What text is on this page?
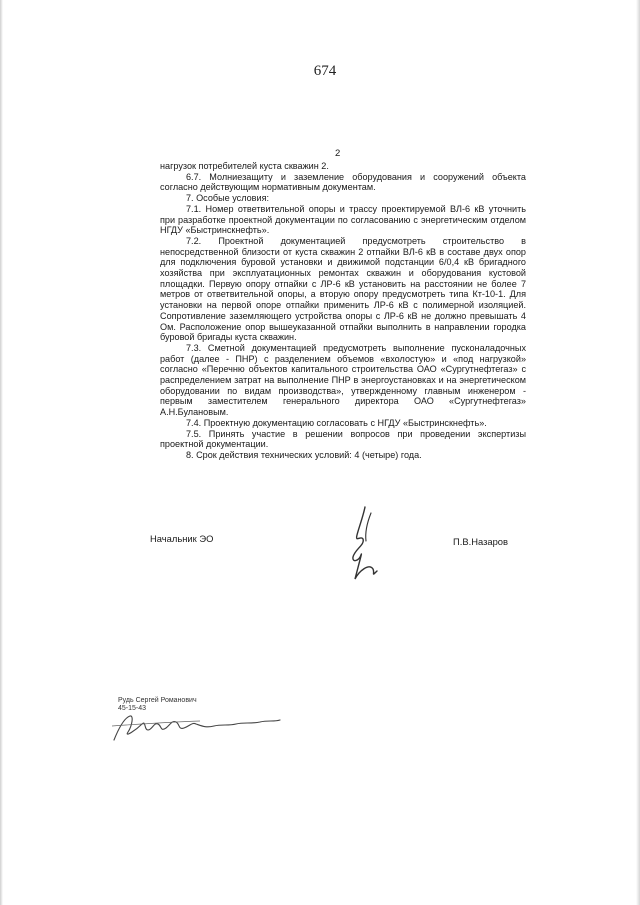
674
2

нагрузок потребителей куста скважин 2.

6.7. Молниезащиту и заземление оборудования и сооружений объекта согласно действующим нормативным документам.

7. Особые условия:

7.1. Номер ответвительной опоры и трассу проектируемой ВЛ-6 кВ уточнить при разработке проектной документации по согласованию с энергетическим отделом НГДУ «Быстринскнефть».

7.2. Проектной документацией предусмотреть строительство в непосредственной близости от куста скважин 2 отпайки ВЛ-6 кВ в составе двух опор для подключения буровой установки и движимой подстанции 6/0,4 кВ бригадного хозяйства при эксплуатационных ремонтах скважин и оборудования кустовой площадки. Первую опору отпайки с ЛР-6 кВ установить на расстоянии не более 7 метров от ответвительной опоры, а вторую опору предусмотреть типа Кт-10-1. Для установки на первой опоре отпайки применить ЛР-6 кВ с полимерной изоляцией. Сопротивление заземляющего устройства опоры с ЛР-6 кВ не должно превышать 4 Ом. Расположение опор вышеуказанной отпайки выполнить в направлении городка буровой бригады куста скважин.

7.3. Сметной документацией предусмотреть выполнение пусконаладочных работ (далее - ПНР) с разделением объемов «вхолостую» и «под нагрузкой» согласно «Перечню объектов капитального строительства ОАО «Сургутнефтегаз» с распределением затрат на выполнение ПНР в энергоустановках и на энергетическом оборудовании по видам производства», утвержденному главным инженером - первым заместителем генерального директора ОАО «Сургутнефтегаз» А.Н.Булановым.

7.4. Проектную документацию согласовать с НГДУ «Быстринскнефть».

7.5. Принять участие в решении вопросов при проведении экспертизы проектной документации.

8. Срок действия технических условий: 4 (четыре) года.

Начальник ЭО	П.В.Назаров
Рудь Сергей Романович
45-15-43
